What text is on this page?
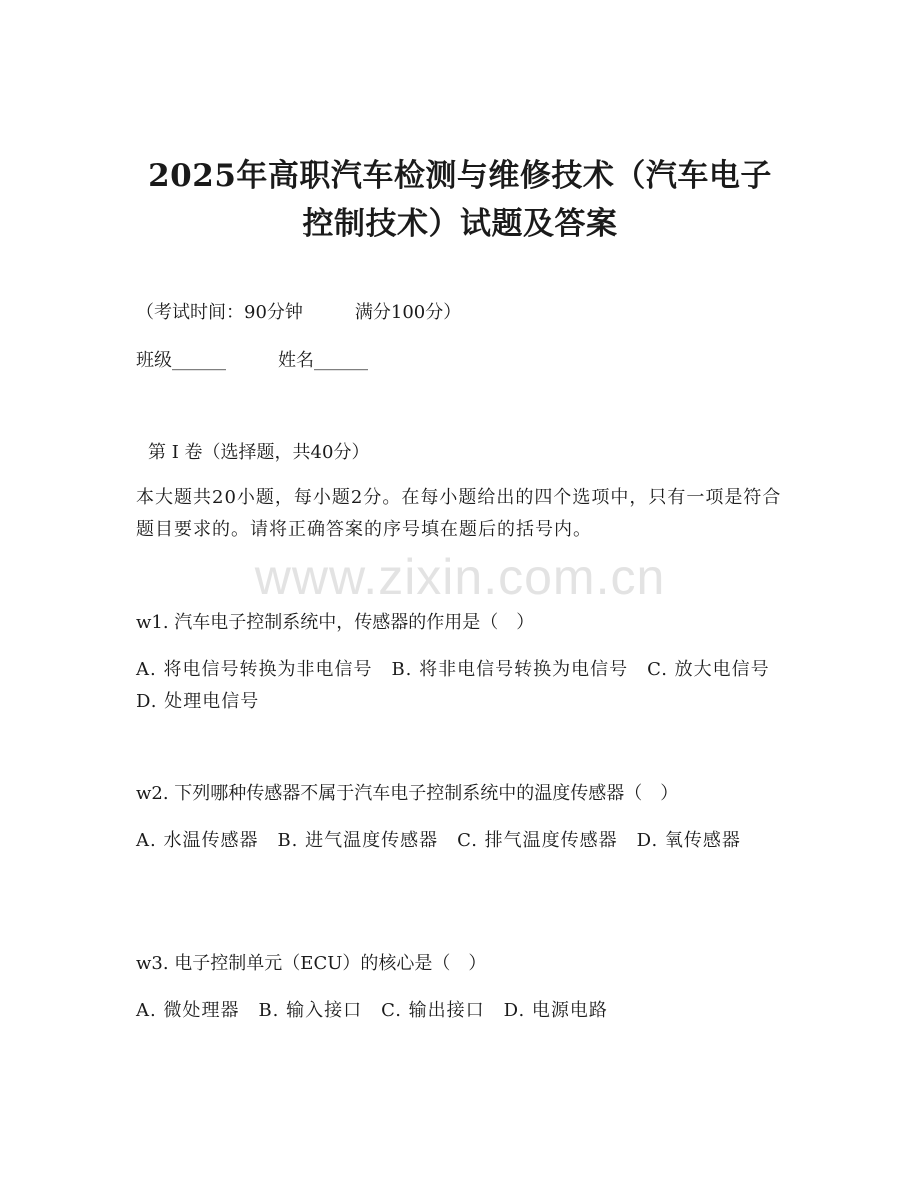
2025年高职汽车检测与维修技术（汽车电子
控制技术）试题及答案
（考试时间：90分钟	满分100分）
班级______	姓名______
第 I 卷（选择题，共40分）
本大题共20小题，每小题2分。在每小题给出的四个选项中，只有一项是符合题目要求的。请将正确答案的序号填在题后的括号内。
www.zixin.com.cn
w1. 汽车电子控制系统中，传感器的作用是（　）
A. 将电信号转换为非电信号　B. 将非电信号转换为电信号　C. 放大电信号　D. 处理电信号
w2. 下列哪种传感器不属于汽车电子控制系统中的温度传感器（　）
A. 水温传感器　B. 进气温度传感器　C. 排气温度传感器　D. 氧传感器
w3. 电子控制单元（ECU）的核心是（　）
A. 微处理器　B. 输入接口　C. 输出接口　D. 电源电路
